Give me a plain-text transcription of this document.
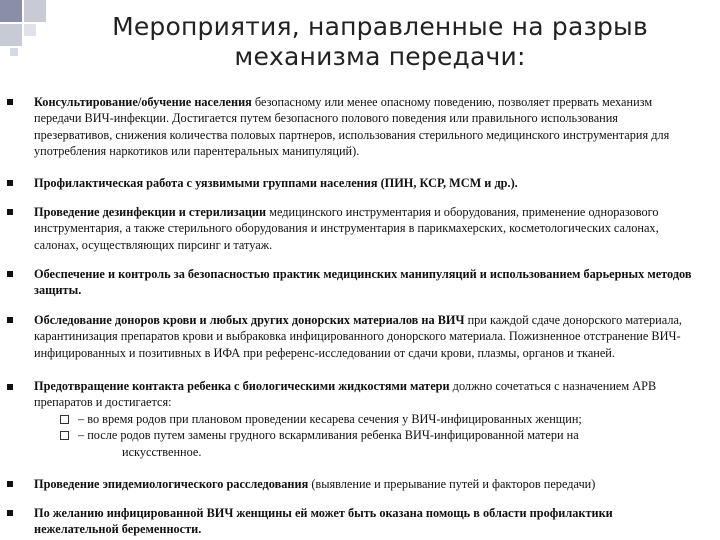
Мероприятия, направленные на разрыв
механизма передачи:
Консультирование/обучение населения безопасному или менее опасному поведению, позволяет прервать механизм передачи ВИЧ-инфекции. Достигается путем безопасного полового поведения или правильного использования презервативов, снижения количества половых партнеров, использования стерильного медицинского инструментария для употребления наркотиков или парентеральных манипуляций).
Профилактическая работа с уязвимыми группами населения (ПИН, КСР, МСМ и др.).
Проведение дезинфекции и стерилизации медицинского инструментария и оборудования, применение одноразового инструментария, а также стерильного оборудования и инструментария в парикмахерских, косметологических салонах, салонах, осуществляющих пирсинг и татуаж.
Обеспечение и контроль за безопасностью практик медицинских манипуляций и использованием барьерных методов защиты.
Обследование доноров крови и любых других донорских материалов на ВИЧ при каждой сдаче донорского материала, карантинизация препаратов крови и выбраковка инфицированного донорского материала. Пожизненное отстранение ВИЧ-инфицированных и позитивных в ИФА при референс-исследовании от сдачи крови, плазмы, органов и тканей.
Предотвращение контакта ребенка с биологическими жидкостями матери должно сочетаться с назначением АРВ препаратов и достигается:
– во время родов при плановом проведении кесарева сечения у ВИЧ-инфицированных женщин;
– после родов путем замены грудного вскармливания ребенка ВИЧ-инфицированной матери на
искусственное.
Проведение эпидемиологического расследования (выявление и прерывание путей и факторов передачи)
По желанию инфицированной ВИЧ женщины ей может быть оказана помощь в области профилактики нежелательной беременности.
